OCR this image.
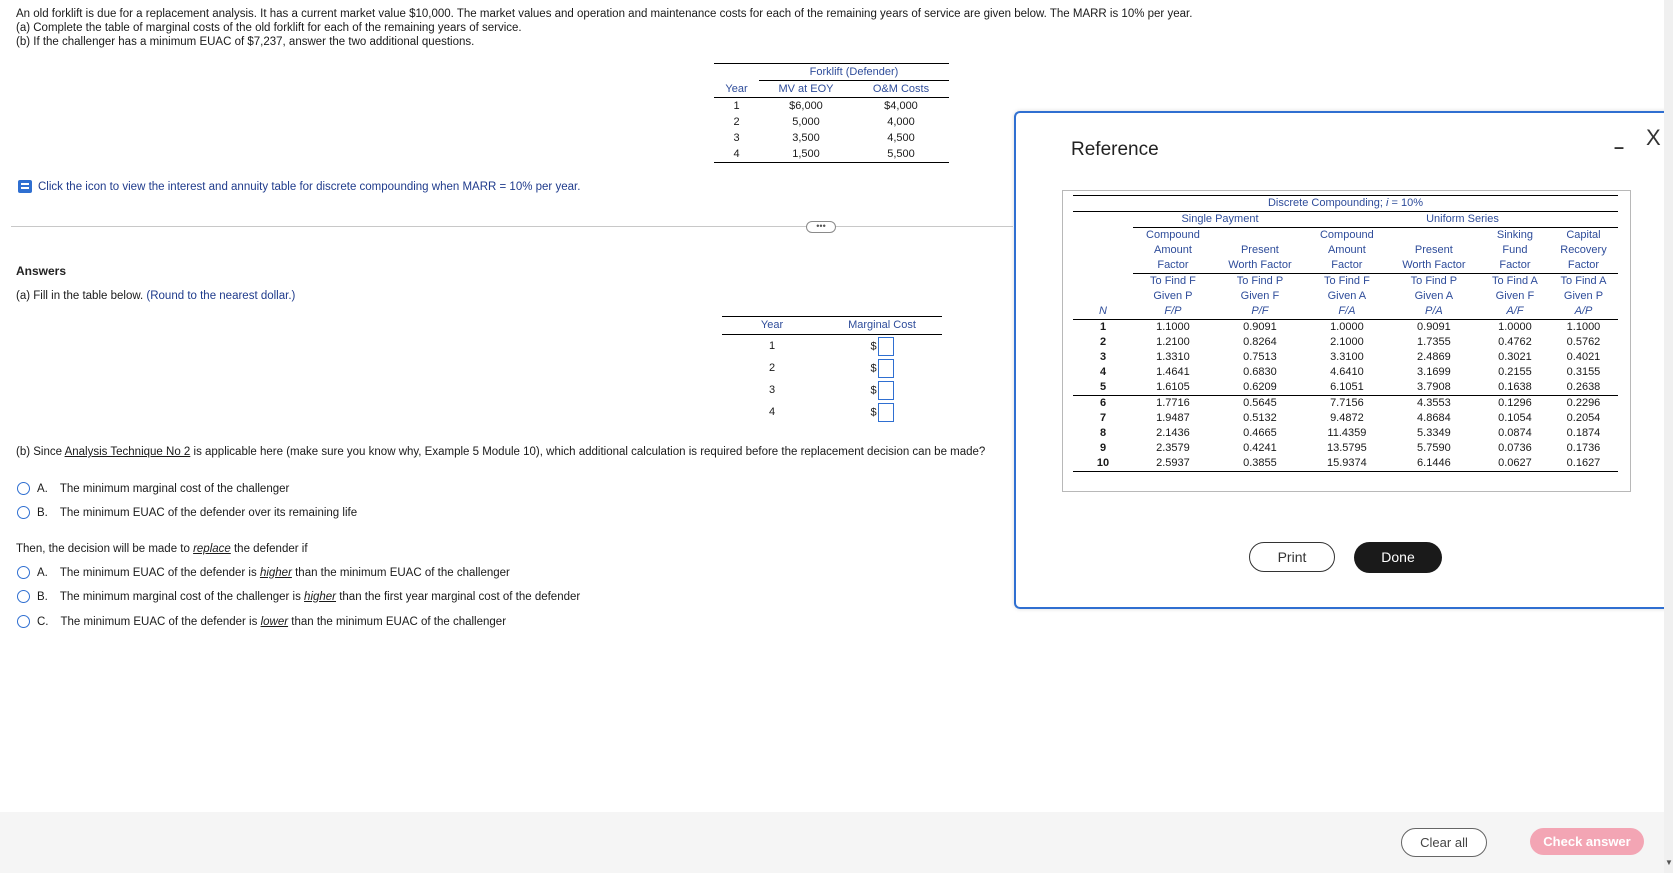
An old forklift is due for a replacement analysis. It has a current market value $10,000. The market values and operation and maintenance costs for each of the remaining years of service are given below. The MARR is 10% per year.
(a) Complete the table of marginal costs of the old forklift for each of the remaining years of service.
(b) If the challenger has a minimum EUAC of $7,237, answer the two additional questions.
	Forklift (Defender)	
Year	MV at EOY	O&M Costs
1	$6,000	$4,000
2	5,000	4,000
3	3,500	4,500
4	1,500	5,500
Click the icon to view the interest and annuity table for discrete compounding when MARR = 10% per year.
•••
Answers
(a) Fill in the table below. (Round to the nearest dollar.)
Year	Marginal Cost
1	$
2	$
3	$
4	$
(b) Since Analysis Technique No 2 is applicable here (make sure you know why, Example 5 Module 10), which additional calculation is required before the replacement decision can be made?
A. The minimum marginal cost of the challenger
B. The minimum EUAC of the defender over its remaining life
Then, the decision will be made to replace the defender if
A. The minimum EUAC of the defender is
higher
than the minimum EUAC of the challenger
B. The minimum marginal cost of the challenger is
higher
than the first year marginal cost of the defender
C. The minimum EUAC of the defender is
lower
than the minimum EUAC of the challenger
Reference	– X
Discrete Compounding; i = 10%						
	Single Payment		Uniform Series			
	Compound		Compound		Sinking	Capital
	Amount	Present	Amount	Present	Fund	Recovery
	Factor	Worth Factor	Factor	Worth Factor	Factor	Factor
	To Find F	To Find P	To Find F	To Find P	To Find A	To Find A
	Given P	Given F	Given A	Given A	Given F	Given P
N	F/P	P/F	F/A	P/A	A/F	A/P
1	1.1000	0.9091	1.0000	0.9091	1.0000	1.1000
2	1.2100	0.8264	2.1000	1.7355	0.4762	0.5762
3	1.3310	0.7513	3.3100	2.4869	0.3021	0.4021
4	1.4641	0.6830	4.6410	3.1699	0.2155	0.3155
5	1.6105	0.6209	6.1051	3.7908	0.1638	0.2638
6	1.7716	0.5645	7.7156	4.3553	0.1296	0.2296
7	1.9487	0.5132	9.4872	4.8684	0.1054	0.2054
8	2.1436	0.4665	11.4359	5.3349	0.0874	0.1874
9	2.3579	0.4241	13.5795	5.7590	0.0736	0.1736
10	2.5937	0.3855	15.9374	6.1446	0.0627	0.1627
Print	Done
Clear all	Check answer
▼
